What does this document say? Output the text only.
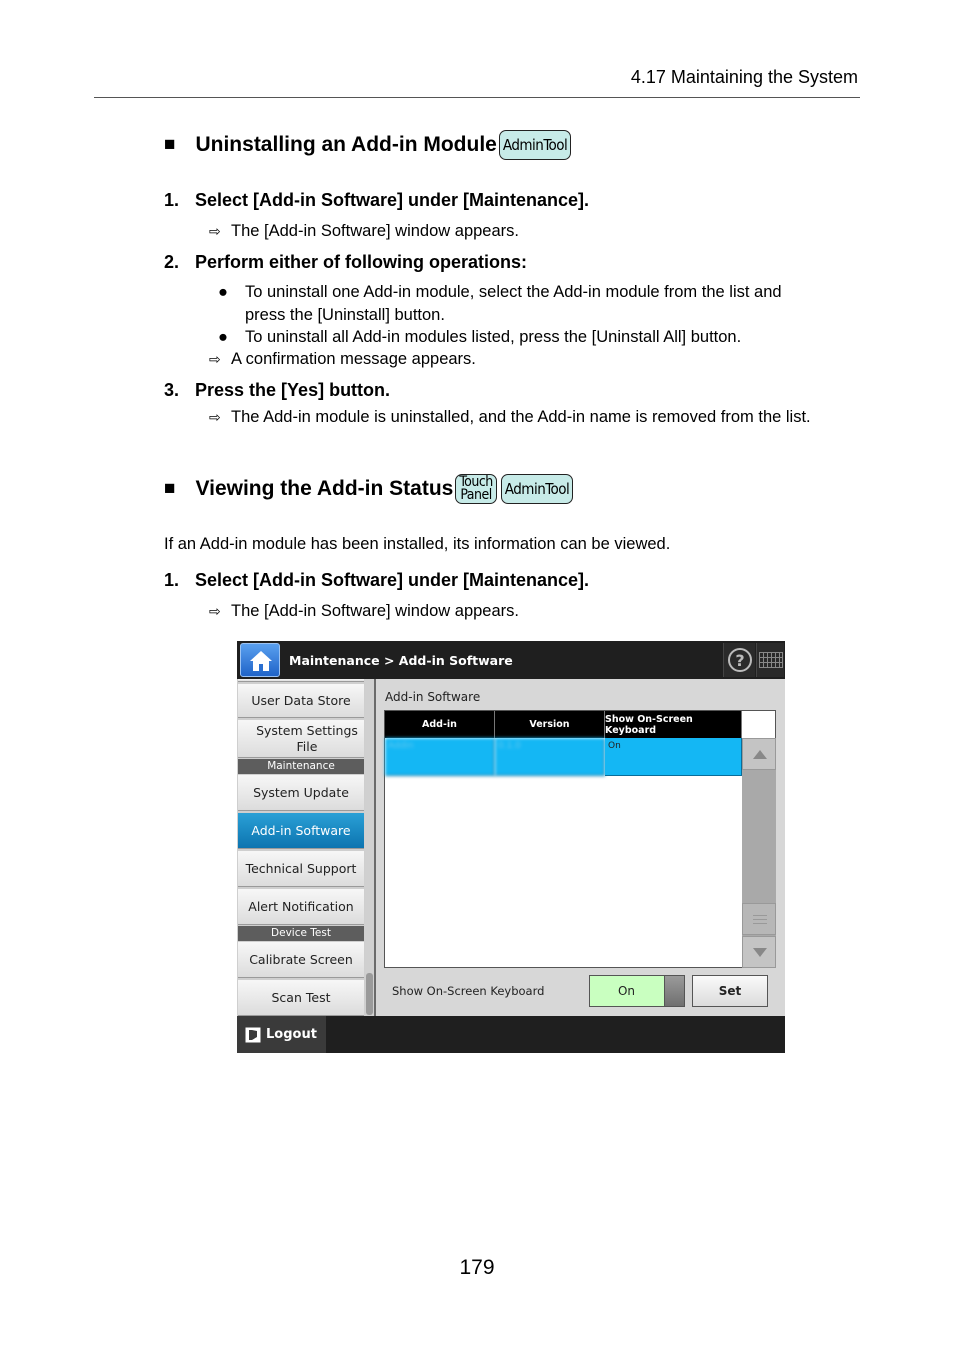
4.17 Maintaining the System
■ Uninstalling an Add-in Module AdminTool
1. Select [Add-in Software] under [Maintenance].
⇨ The [Add-in Software] window appears.
2. Perform either of following operations:
● To uninstall one Add-in module, select the Add-in module from the list and
press the [Uninstall] button.
● To uninstall all Add-in modules listed, press the [Uninstall All] button.
⇨ A confirmation message appears.
3. Press the [Yes] button.
⇨ The Add-in module is uninstalled, and the Add-in name is removed from the list.
■ Viewing the Add-in Status Touch
Panel AdminTool
If an Add-in module has been installed, its information can be viewed.
1. Select [Add-in Software] under [Maintenance].
⇨ The [Add-in Software] window appears.
Maintenance > Add-in Software	?
User Data Store
System Settings File
Maintenance
System Update
Add-in Software
Technical Support
Alert Notification
Device Test
Calibrate Screen
Scan Test
Add-in Software
Add-in	Version	Show On-Screen Keyboard
Addin	0.1.0	On
Show On-Screen Keyboard	On	Set
Logout
179
